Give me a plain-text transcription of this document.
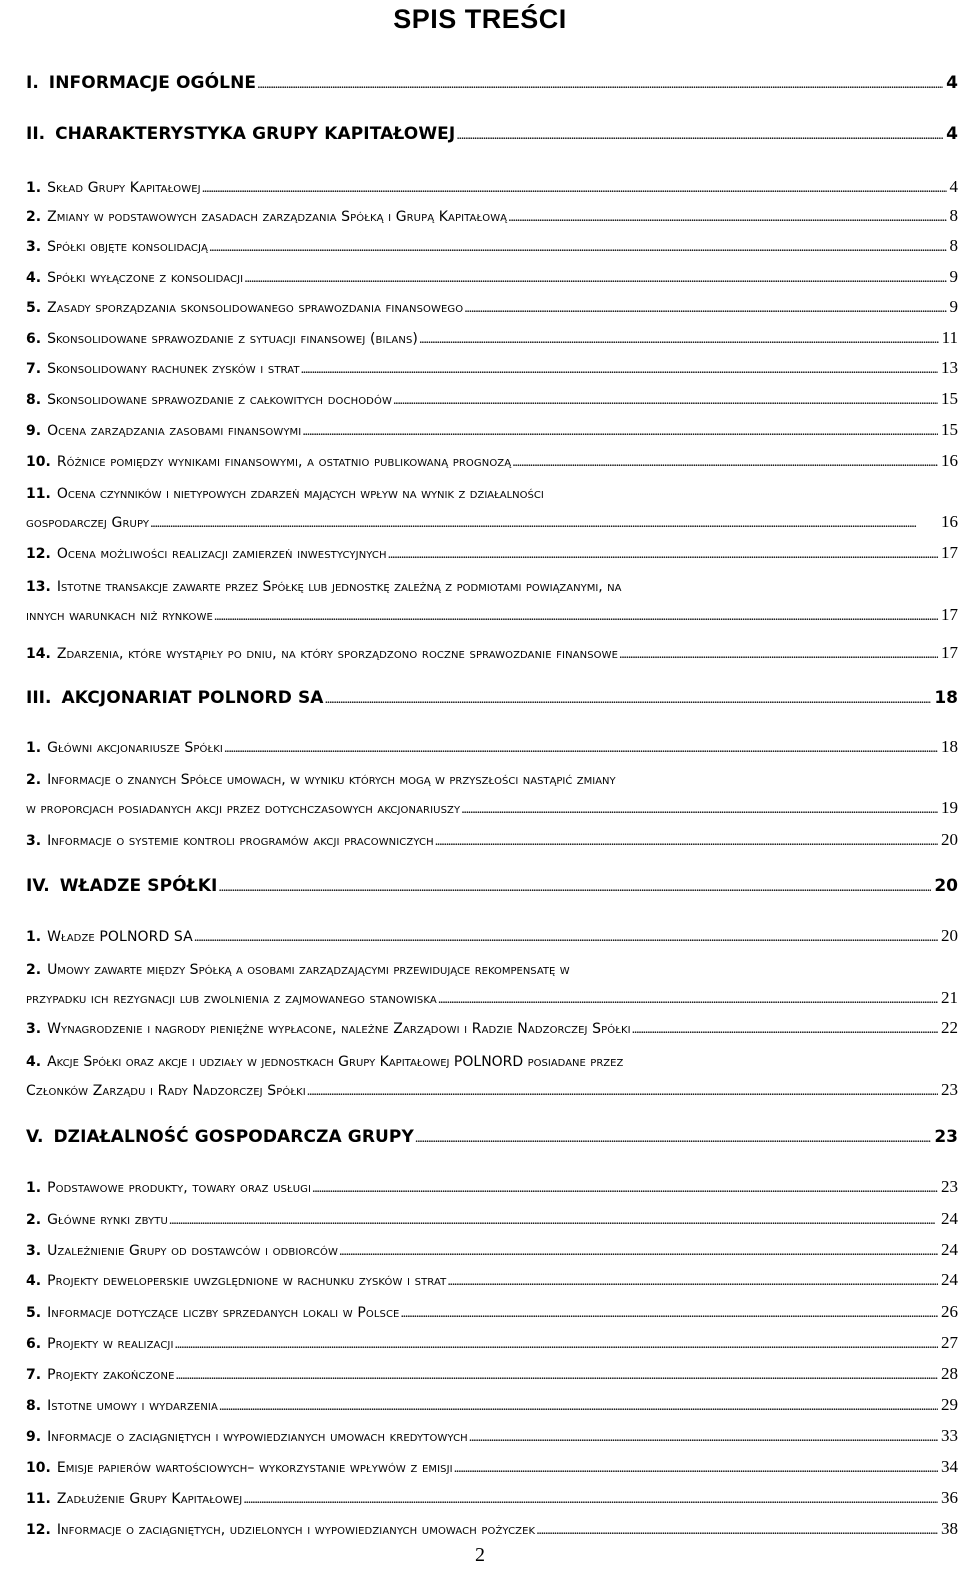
SPIS TREŚCI
I. INFORMACJE OGÓLNE . . .	4
II. CHARAKTERYSTYKA GRUPY KAPITAŁOWEJ . . .	4
1. Skład Grupy Kapitałowej . . .	4
2. Zmiany w podstawowych zasadach zarządzania Spółką i Grupą Kapitałową . . .	8
3. Spółki objęte konsolidacją . . .	8
4. Spółki wyłączone z konsolidacji . . .	9
5. Zasady sporządzania skonsolidowanego sprawozdania finansowego . . .	9
6. Skonsolidowane sprawozdanie z sytuacji finansowej (bilans) . . .	11
7. Skonsolidowany rachunek zysków i strat . . .	13
8. Skonsolidowane sprawozdanie z całkowitych dochodów . . .	15
9. Ocena zarządzania zasobami finansowymi . . .	15
10. Różnice pomiędzy wynikami finansowymi, a ostatnio publikowaną prognozą . . .	16
11. Ocena czynników i nietypowych zdarzeń mających wpływ na wynik z działalności
gospodarczej Grupy . . .	16
12. Ocena możliwości realizacji zamierzeń inwestycyjnych . . .	17
13. Istotne transakcje zawarte przez Spółkę lub jednostkę zależną z podmiotami powiązanymi, na
innych warunkach niż rynkowe . . .	17
14. Zdarzenia, które wystąpiły po dniu, na który sporządzono roczne sprawozdanie finansowe . . .	17
III. AKCJONARIAT POLNORD SA . . .	18
1. Główni akcjonariusze Spółki . . .	18
2. Informacje o znanych Spółce umowach, w wyniku których mogą w przyszłości nastąpić zmiany
w proporcjach posiadanych akcji przez dotychczasowych akcjonariuszy . . .	19
3. Informacje o systemie kontroli programów akcji pracowniczych . . .	20
IV. WŁADZE SPÓŁKI . . .	20
1. Władze POLNORD SA . . .	20
2. Umowy zawarte między Spółką a osobami zarządzającymi przewidujące rekompensatę w
przypadku ich rezygnacji lub zwolnienia z zajmowanego stanowiska . . .	21
3. Wynagrodzenie i nagrody pieniężne wypłacone, należne Zarządowi i Radzie Nadzorczej Spółki . . .	22
4. Akcje Spółki oraz akcje i udziały w jednostkach Grupy Kapitałowej POLNORD posiadane przez
Członków Zarządu i Rady Nadzorczej Spółki . . .	23
V. DZIAŁALNOŚĆ GOSPODARCZA GRUPY . . .	23
1. Podstawowe produkty, towary oraz usługi . . .	23
2. Główne rynki zbytu . . .	24
3. Uzależnienie Grupy od dostawców i odbiorców . . .	24
4. Projekty deweloperskie uwzględnione w rachunku zysków i strat . . .	24
5. Informacje dotyczące liczby sprzedanych lokali w Polsce . . .	26
6. Projekty w realizacji . . .	27
7. Projekty zakończone . . .	28
8. Istotne umowy i wydarzenia . . .	29
9. Informacje o zaciągniętych i wypowiedzianych umowach kredytowych . . .	33
10. Emisje papierów wartościowych– wykorzystanie wpływów z emisji . . .	34
11. Zadłużenie Grupy Kapitałowej . . .	36
12. Informacje o zaciągniętych, udzielonych i wypowiedzianych umowach pożyczek . . .	38
2
